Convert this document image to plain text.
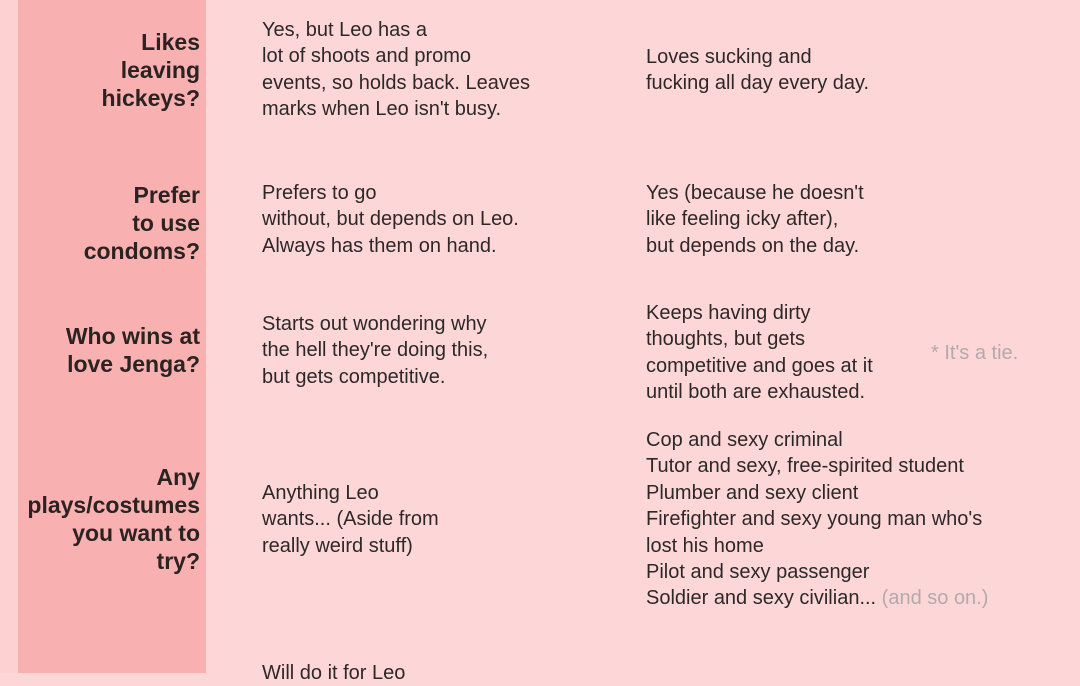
Likes
leaving
hickeys?
Yes, but Leo has a
lot of shoots and promo
events, so holds back. Leaves
marks when Leo isn't busy.
Loves sucking and
fucking all day every day.
Prefer
to use
condoms?
Prefers to go
without, but depends on Leo.
Always has them on hand.
Yes (because he doesn't
like feeling icky after),
but depends on the day.
Who wins at
love Jenga?
Starts out wondering why
the hell they're doing this,
but gets competitive.
Keeps having dirty
thoughts, but gets
competitive and goes at it
until both are exhausted.
* It's a tie.
Any
plays/costumes
you want to
try?
Anything Leo
wants... (Aside from
really weird stuff)
Cop and sexy criminal
Tutor and sexy, free-spirited student
Plumber and sexy client
Firefighter and sexy young man who's
lost his home
Pilot and sexy passenger
Soldier and sexy civilian... (and so on.)
Will do it for Leo
